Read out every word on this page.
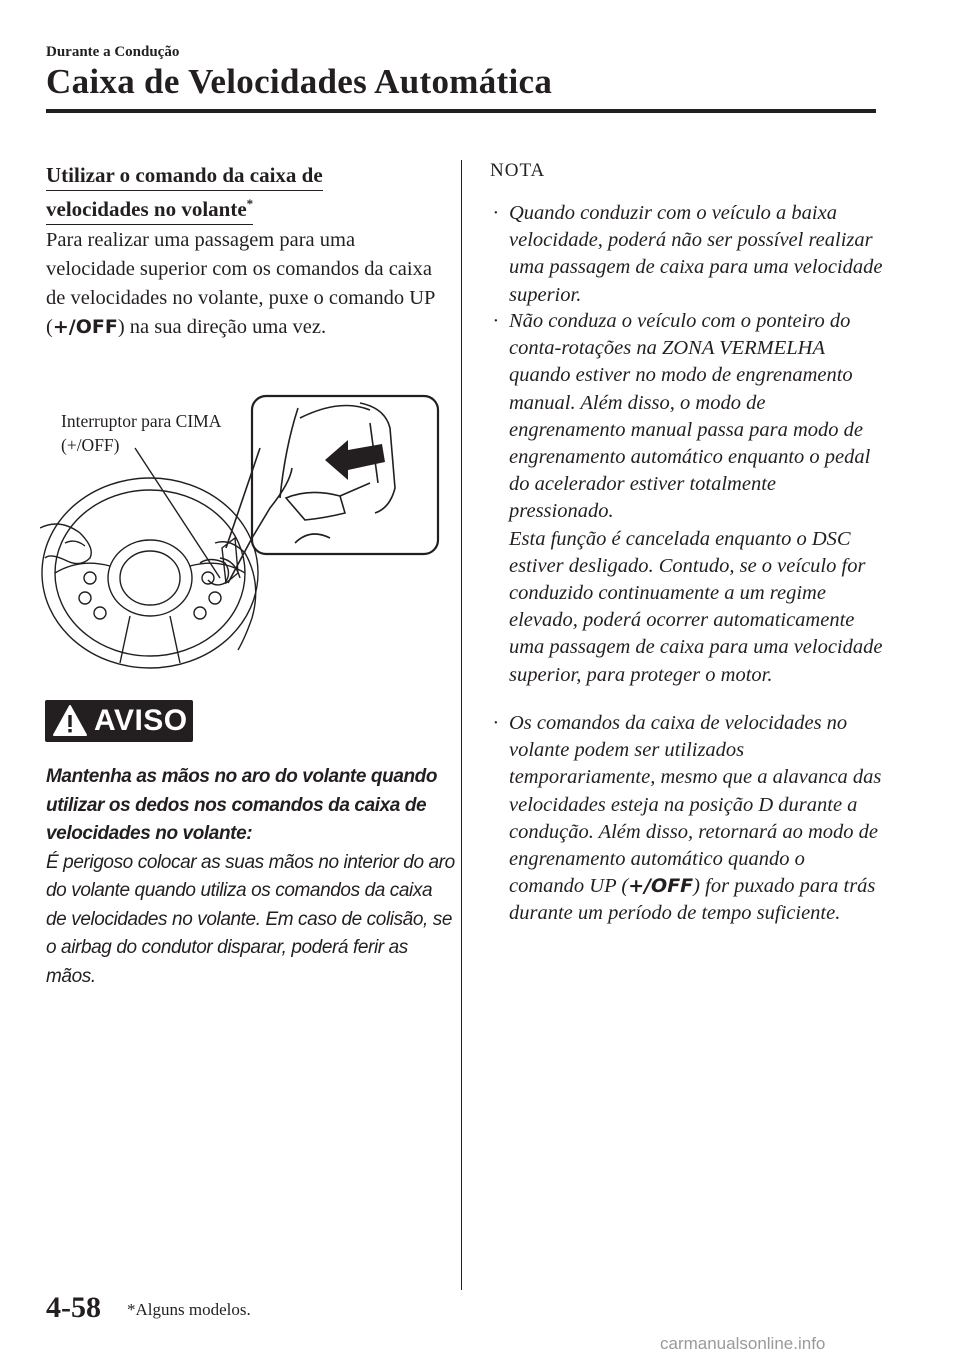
Durante a Condução
Caixa de Velocidades Automática
Utilizar o comando da caixa de
velocidades no volante*
Para realizar uma passagem para uma velocidade superior com os comandos da caixa de velocidades no volante, puxe o comando UP (+/OFF) na sua direção uma vez.
Interruptor para CIMA
(+/OFF)
AVISO
Mantenha as mãos no aro do volante quando utilizar os dedos nos comandos da caixa de velocidades no volante:
É perigoso colocar as suas mãos no interior do aro do volante quando utiliza os comandos da caixa de velocidades no volante. Em caso de colisão, se o airbag do condutor disparar, poderá ferir as mãos.
NOTA
· Quando conduzir com o veículo a baixa velocidade, poderá não ser possível realizar uma passagem de caixa para uma velocidade superior.
· Não conduza o veículo com o ponteiro do conta-rotações na ZONA VERMELHA quando estiver no modo de engrenamento manual. Além disso, o modo de engrenamento manual passa para modo de engrenamento automático enquanto o pedal do acelerador estiver totalmente pressionado.
Esta função é cancelada enquanto o DSC estiver desligado. Contudo, se o veículo for conduzido continuamente a um regime elevado, poderá ocorrer automaticamente uma passagem de caixa para uma velocidade superior, para proteger o motor.
· Os comandos da caixa de velocidades no volante podem ser utilizados temporariamente, mesmo que a alavanca das velocidades esteja na posição D durante a condução. Além disso, retornará ao modo de engrenamento automático quando o comando UP (+/OFF) for puxado para trás durante um período de tempo suficiente.
4-58 *Alguns modelos.
carmanualsonline.info
